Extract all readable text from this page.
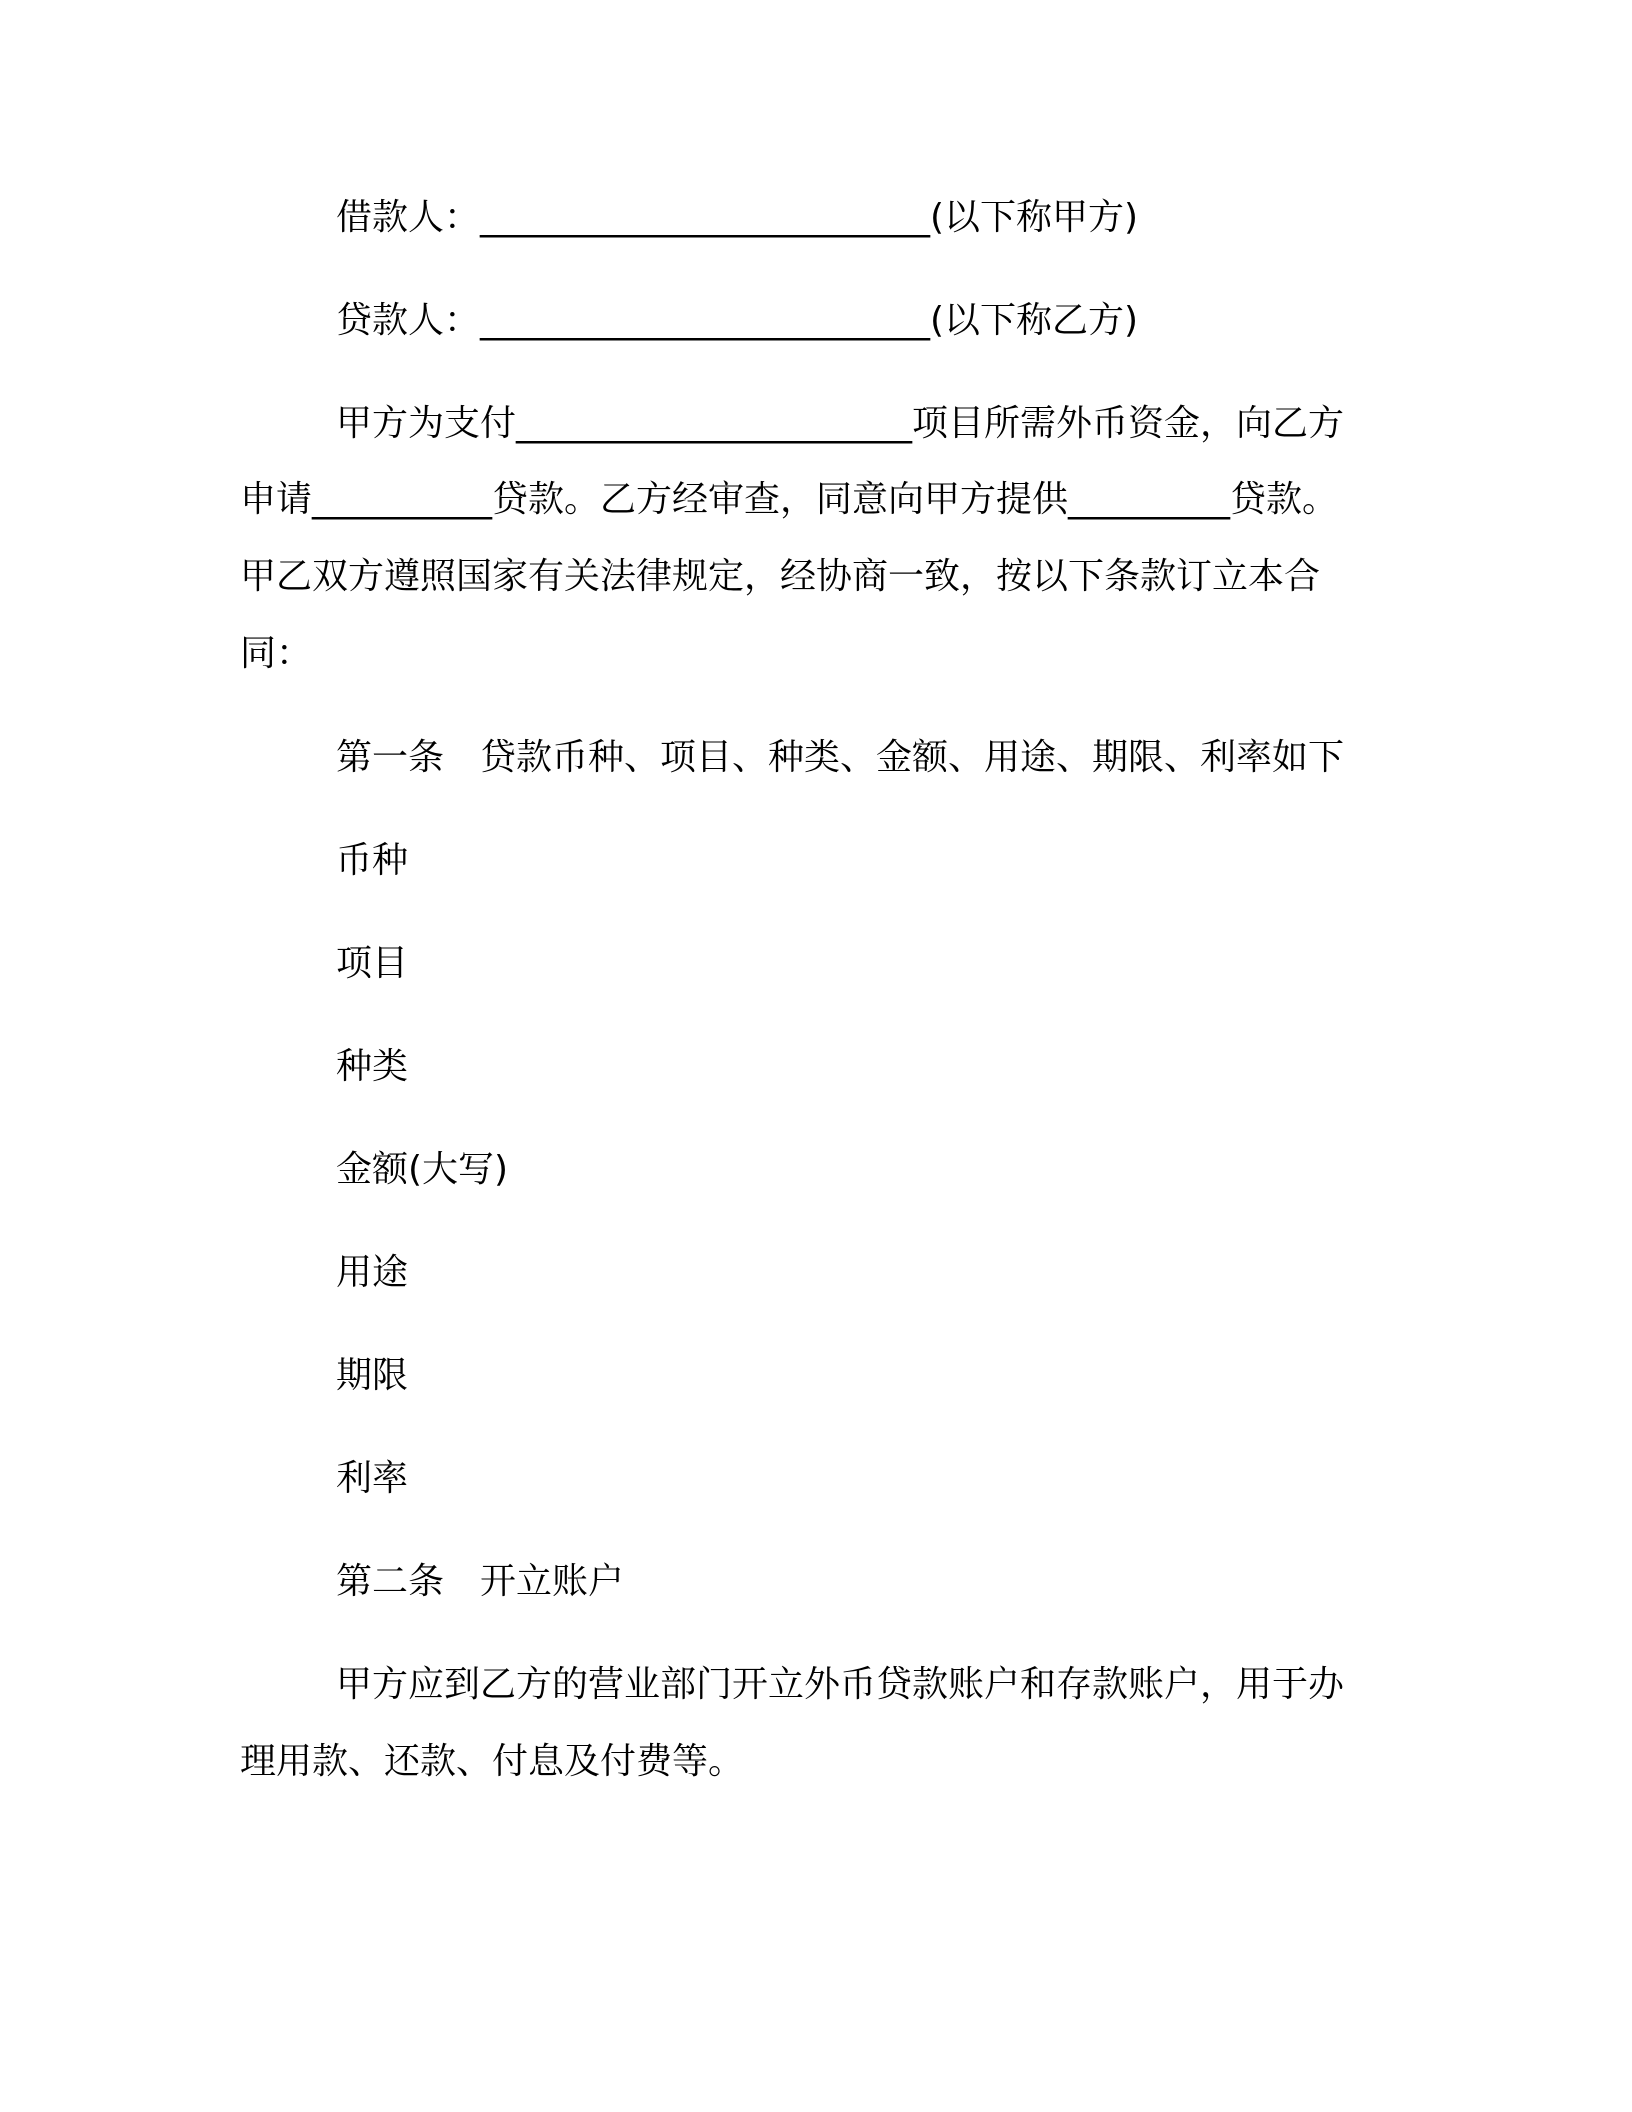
借款人：_________________________(以下称甲方)
贷款人：_________________________(以下称乙方)
甲方为支付______________________项目所需外币资金，向乙方
申请__________贷款。乙方经审查，同意向甲方提供_________贷款。
甲乙双方遵照国家有关法律规定，经协商一致，按以下条款订立本合
同：
第一条　贷款币种、项目、种类、金额、用途、期限、利率如下
币种
项目
种类
金额(大写)
用途
期限
利率
第二条　开立账户
甲方应到乙方的营业部门开立外币贷款账户和存款账户，用于办
理用款、还款、付息及付费等。
